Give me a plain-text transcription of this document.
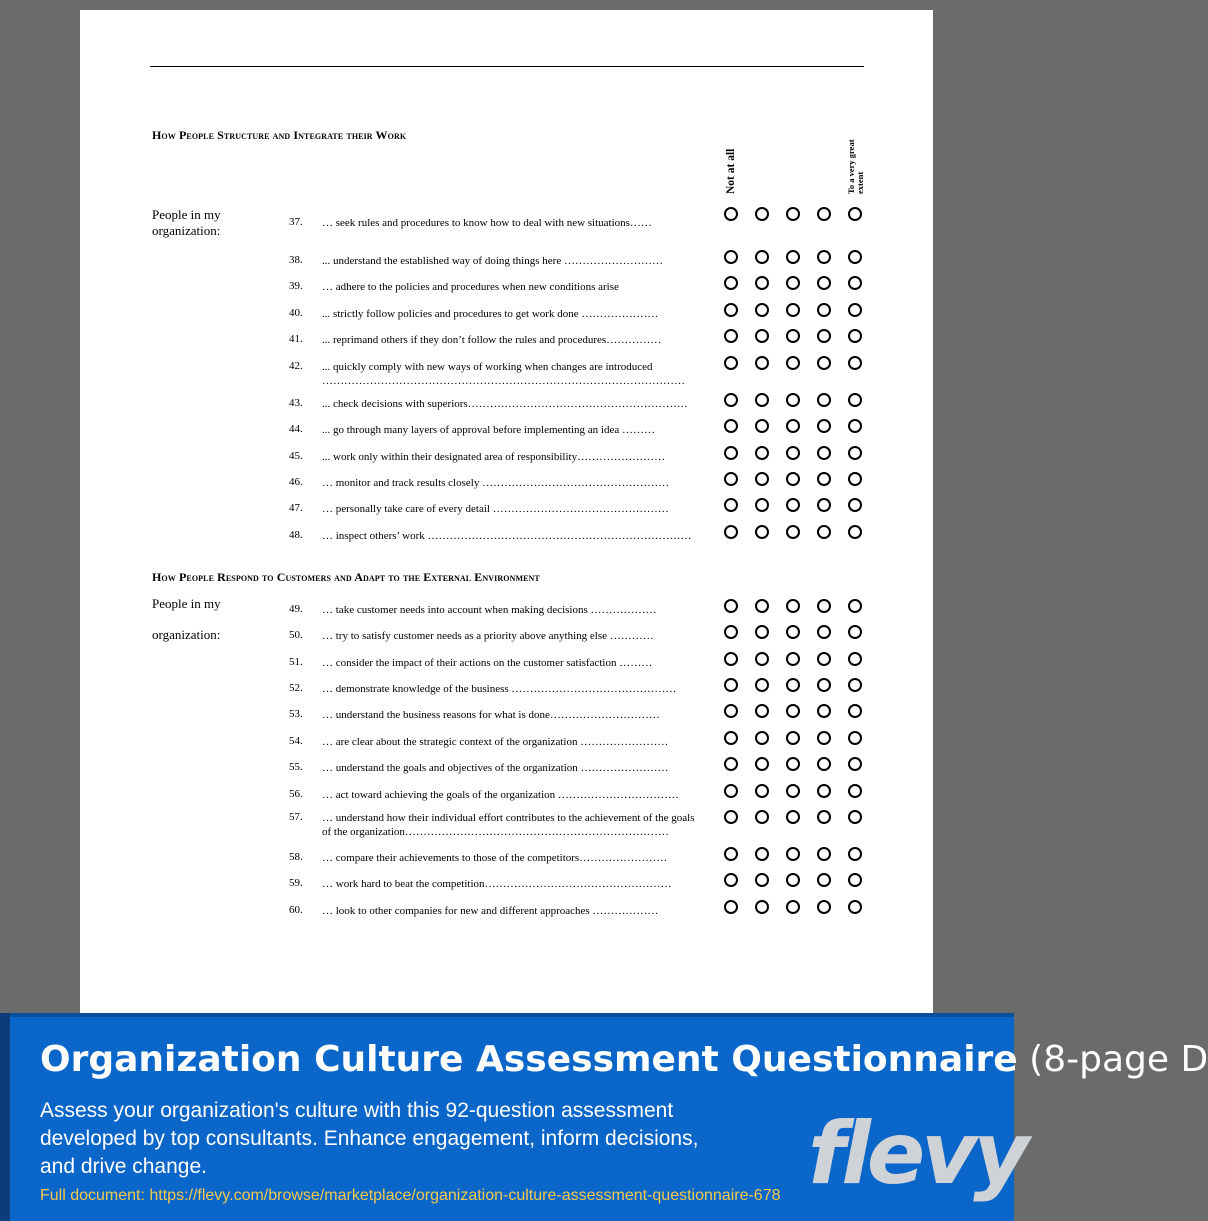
How People Structure and Integrate their Work
Not at all	To a very great extent
People in my organization:
37. … seek rules and procedures to know how to deal with new situations……
38. ... understand the established way of doing things here ………………………
39. … adhere to the policies and procedures when new conditions arise
40. ... strictly follow policies and procedures to get work done …………………
41. ... reprimand others if they don’t follow the rules and procedures……………
42. ... quickly comply with new ways of working when changes are introduced ………………………………………………………………………………………
43. ... check decisions with superiors……………………………………………………
44. ... go through many layers of approval before implementing an idea ………
45. ... work only within their designated area of responsibility……………………
46. … monitor and track results closely ……………………………………………
47. … personally take care of every detail …………………………………………
48. … inspect others’ work ………………………………………………………………
How People Respond to Customers and Adapt to the External Environment
People in my
organization:
49. … take customer needs into account when making decisions ………………
50. … try to satisfy customer needs as a priority above anything else …………
51. … consider the impact of their actions on the customer satisfaction ………
52. … demonstrate knowledge of the business ………………………………………
53. … understand the business reasons for what is done…………………………
54. … are clear about the strategic context of the organization ……………………
55. … understand the goals and objectives of the organization ……………………
56. … act toward achieving the goals of the organization ……………………………
57. … understand how their individual effort contributes to the achievement of the goals of the organization………………………………………………………………
58. … compare their achievements to those of the competitors……………………
59. … work hard to beat the competition……………………………………………
60. … look to other companies for new and different approaches ………………
Organization Culture Assessment Questionnaire (8-page D
Assess your organization's culture with this 92-question assessment developed by top consultants. Enhance engagement, inform decisions, and drive change.
Full document: https://flevy.com/browse/marketplace/organization-culture-assessment-questionnaire-678 flevy
